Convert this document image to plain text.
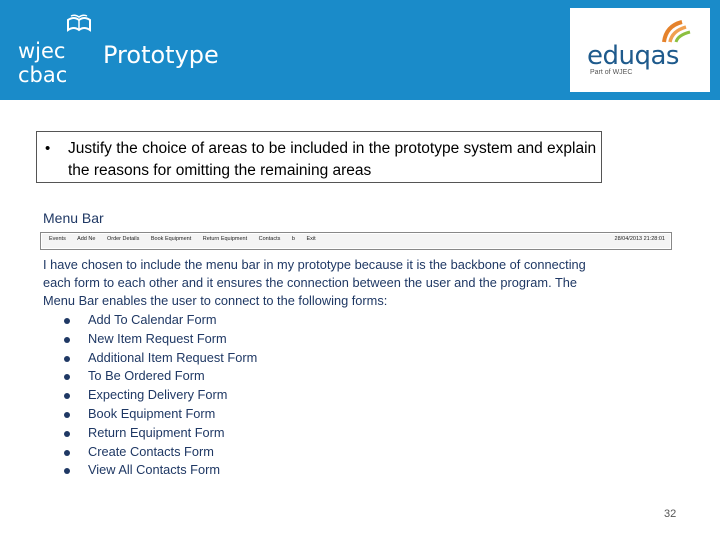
wjec
cbac
Prototype	eduqas
Part of WJEC
• Justify the choice of areas to be included in the prototype system and explain the reasons for omitting the remaining areas
Menu Bar
Events Add Ne Order Details Book Equipment Return Equipment Contacts b Exit	28/04/2013 21:28:01
I have chosen to include the menu bar in my prototype because it is the backbone of connecting each form to each other and it ensures the connection between the user and the program. The Menu Bar enables the user to connect to the following forms:
Add To Calendar Form
New Item Request Form
Additional Item Request Form
To Be Ordered Form
Expecting Delivery Form
Book Equipment Form
Return Equipment Form
Create Contacts Form
View All Contacts Form
32
